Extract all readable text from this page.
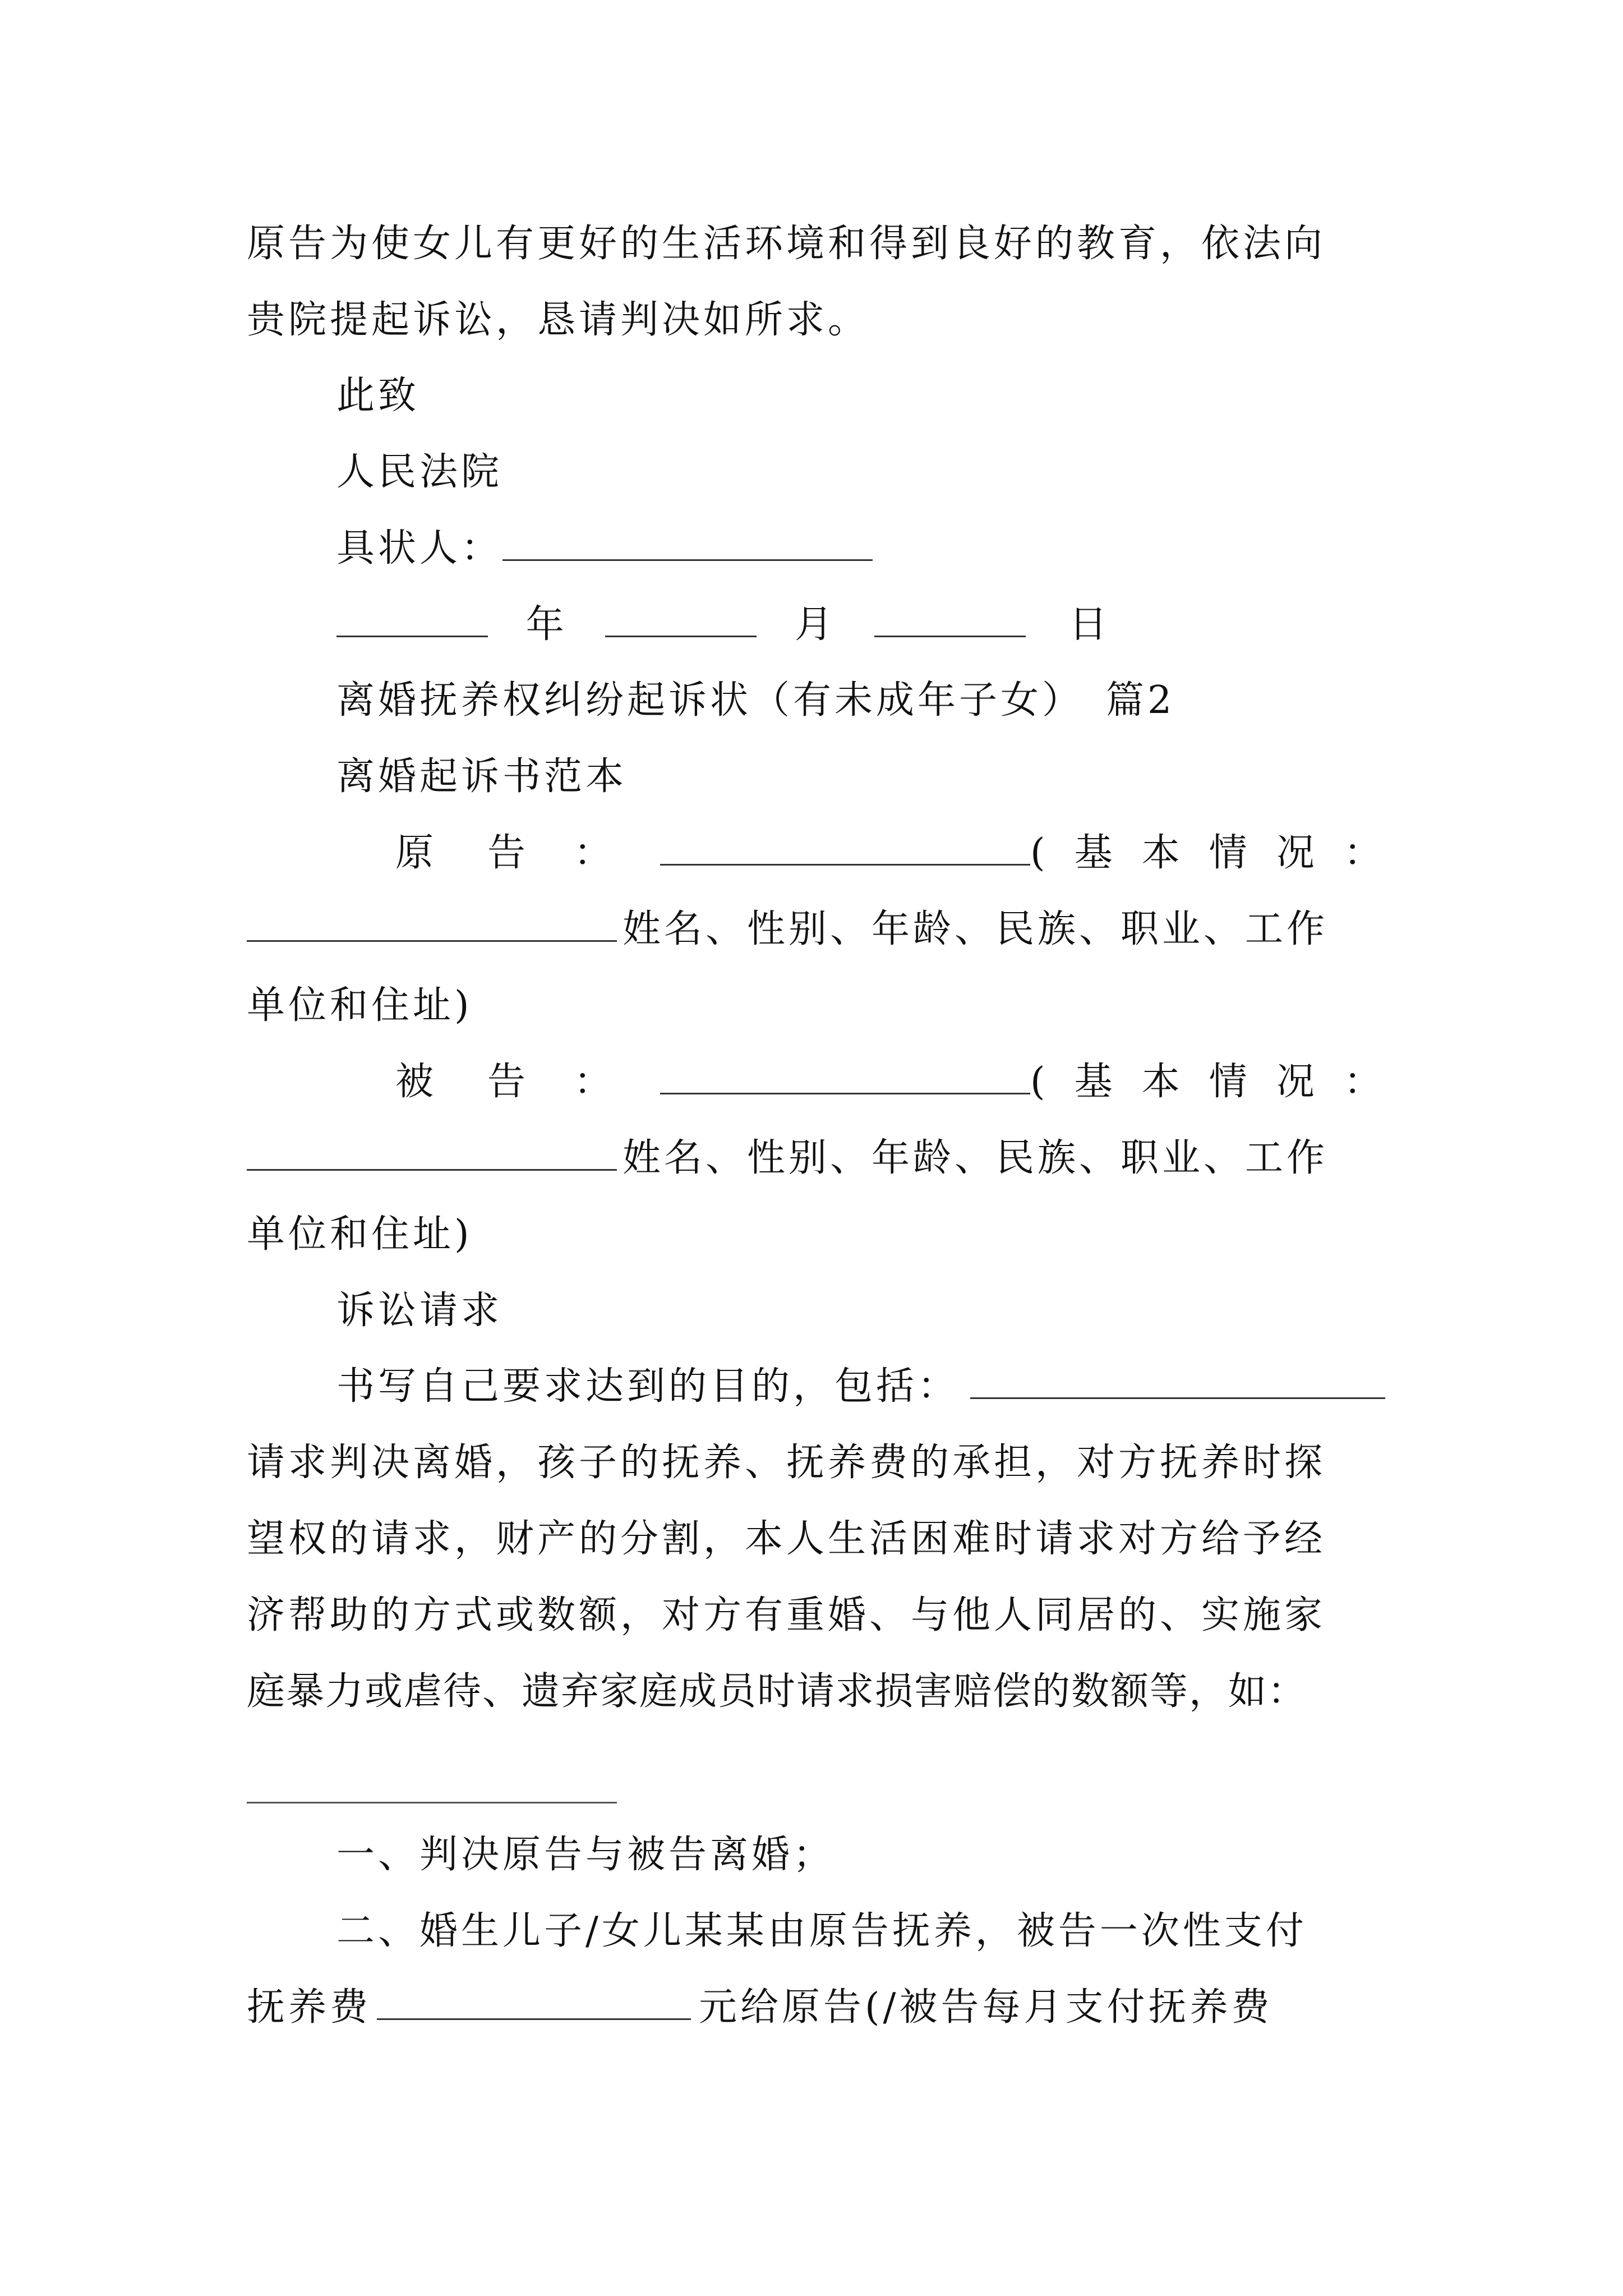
原告为使女儿有更好的生活环境和得到良好的教育，依法向
贵院提起诉讼，恳请判决如所求。
此致
人民法院
具状人：
年	月	日
离婚抚养权纠纷起诉状（有未成年子女）　篇2
离婚起诉书范本
原 告 ：	( 基 本 情 况 ：
姓名、性别、年龄、民族、职业、工作
单位和住址)
被 告 ：	( 基 本 情 况 ：
姓名、性别、年龄、民族、职业、工作
单位和住址)
诉讼请求
书写自己要求达到的目的，包括：
请求判决离婚，孩子的抚养、抚养费的承担，对方抚养时探
望权的请求，财产的分割，本人生活困难时请求对方给予经
济帮助的方式或数额，对方有重婚、与他人同居的、实施家
庭暴力或虐待、遗弃家庭成员时请求损害赔偿的数额等，如：
一、判决原告与被告离婚；
二、婚生儿子/女儿某某由原告抚养，被告一次性支付
抚养费	元给原告(/被告每月支付抚养费
